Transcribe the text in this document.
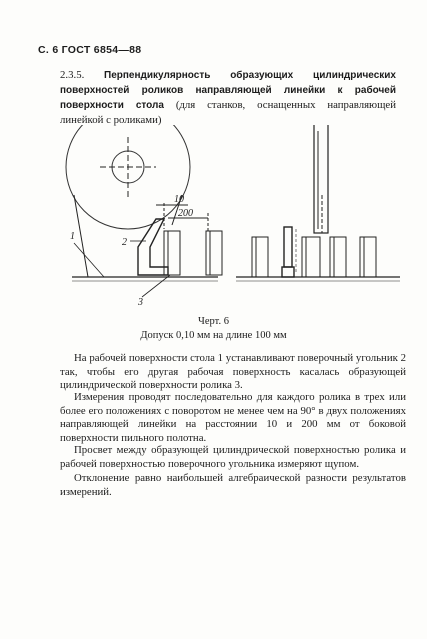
С. 6 ГОСТ 6854—88
2.3.5. Перпендикулярность образующих цилиндрических поверхностей роликов направляющей линейки к рабочей поверхности стола (для станков, оснащенных направляющей линейкой с роликами)
10
200
1
2
3
Черт. 6
Допуск 0,10 мм на длине 100 мм
На рабочей поверхности стола 1 устанавливают поверочный угольник 2 так, чтобы его другая рабочая поверхность касалась образующей цилиндрической поверхности ролика 3.
Измерения проводят последовательно для каждого ролика в трех или более его положениях с поворотом не менее чем на 90° в двух положениях направляющей линейки на расстоянии 10 и 200 мм от боковой поверхности пильного полотна.
Просвет между образующей цилиндрической поверхностью ролика и рабочей поверхностью поверочного угольника измеряют щупом.
Отклонение равно наибольшей алгебраической разности результатов измерений.
